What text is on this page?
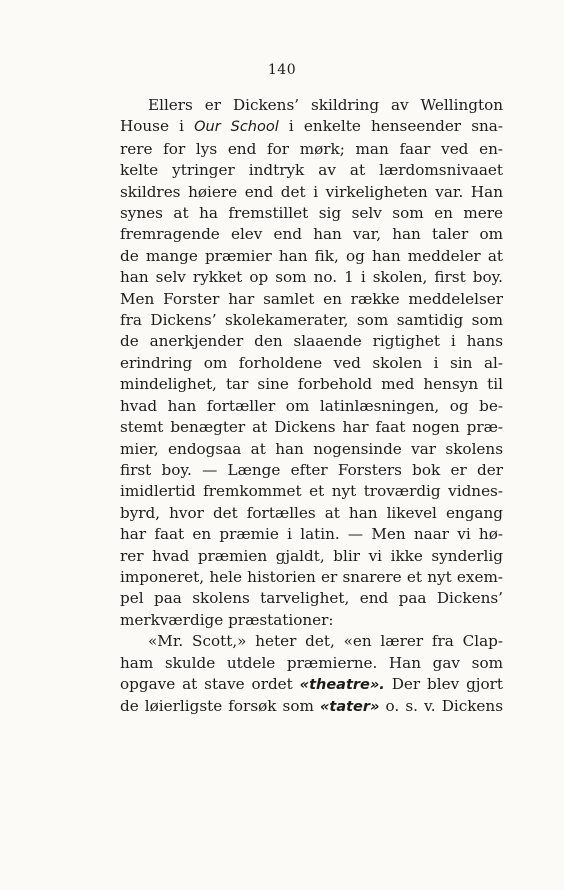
140
Ellers er Dickens’ skildring av Wellington
House i Our School i enkelte henseender sna-
rere for lys end for mørk; man faar ved en-
kelte ytringer indtryk av at lærdomsnivaaet
skildres høiere end det i virkeligheten var. Han
synes at ha fremstillet sig selv som en mere
fremragende elev end han var, han taler om
de mange præmier han fik, og han meddeler at
han selv rykket op som no. 1 i skolen, first boy.
Men Forster har samlet en række meddelelser
fra Dickens’ skolekamerater, som samtidig som
de anerkjender den slaaende rigtighet i hans
erindring om forholdene ved skolen i sin al-
mindelighet, tar sine forbehold med hensyn til
hvad han fortæller om latinlæsningen, og be-
stemt benægter at Dickens har faat nogen præ-
mier, endogsaa at han nogensinde var skolens
first boy. — Længe efter Forsters bok er der
imidlertid fremkommet et nyt troværdig vidnes-
byrd, hvor det fortælles at han likevel engang
har faat en præmie i latin. — Men naar vi hø-
rer hvad præmien gjaldt, blir vi ikke synderlig
imponeret, hele historien er snarere et nyt exem-
pel paa skolens tarvelighet, end paa Dickens’
merkværdige præstationer:
«Mr. Scott,» heter det, «en lærer fra Clap-
ham skulde utdele præmierne. Han gav som
opgave at stave ordet «theatre». Der blev gjort
de løierligste forsøk som «tater» o. s. v. Dickens
